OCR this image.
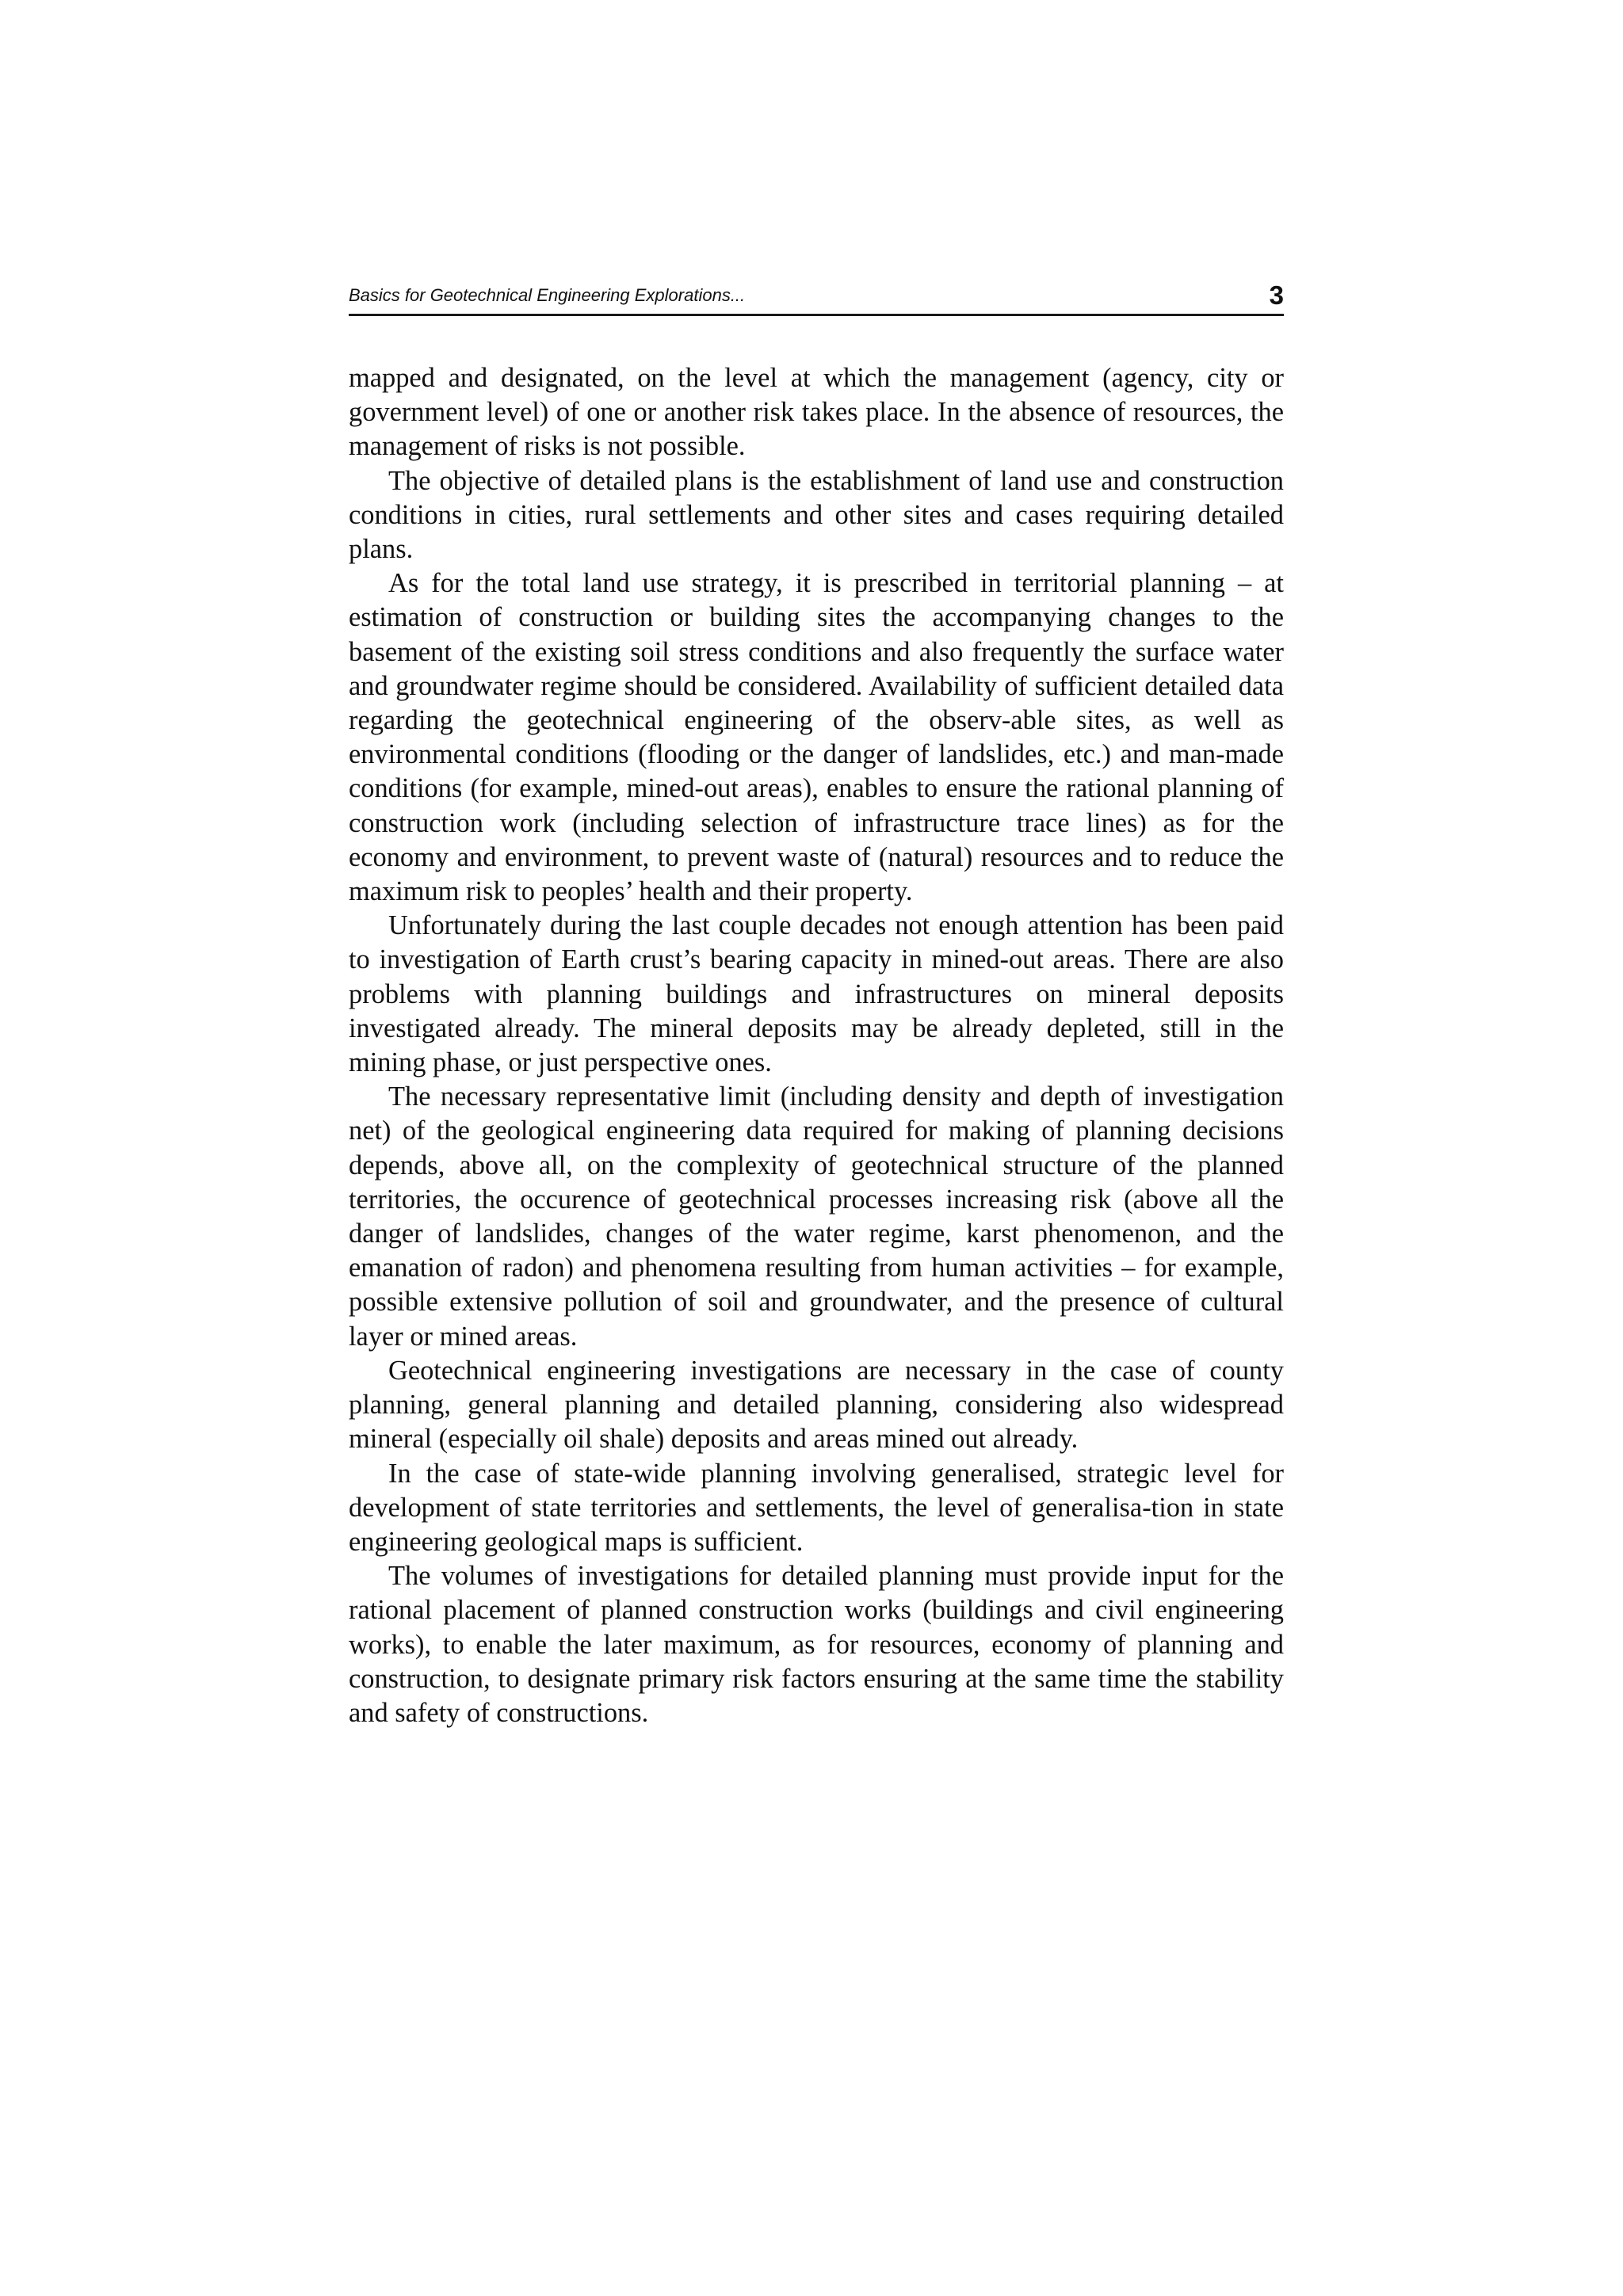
Basics for Geotechnical Engineering Explorations...	3

mapped and designated, on the level at which the management (agency, city or government level) of one or another risk takes place. In the absence of resources, the management of risks is not possible.

The objective of detailed plans is the establishment of land use and construction conditions in cities, rural settlements and other sites and cases requiring detailed plans.

As for the total land use strategy, it is prescribed in territorial planning – at estimation of construction or building sites the accompanying changes to the basement of the existing soil stress conditions and also frequently the surface water and groundwater regime should be considered. Availability of sufficient detailed data regarding the geotechnical engineering of the observ-able sites, as well as environmental conditions (flooding or the danger of landslides, etc.) and man-made conditions (for example, mined-out areas), enables to ensure the rational planning of construction work (including selection of infrastructure trace lines) as for the economy and environment, to prevent waste of (natural) resources and to reduce the maximum risk to peoples’ health and their property.

Unfortunately during the last couple decades not enough attention has been paid to investigation of Earth crust’s bearing capacity in mined-out areas. There are also problems with planning buildings and infrastructures on mineral deposits investigated already. The mineral deposits may be already depleted, still in the mining phase, or just perspective ones.

The necessary representative limit (including density and depth of investigation net) of the geological engineering data required for making of planning decisions depends, above all, on the complexity of geotechnical structure of the planned territories, the occurence of geotechnical processes increasing risk (above all the danger of landslides, changes of the water regime, karst phenomenon, and the emanation of radon) and phenomena resulting from human activities – for example, possible extensive pollution of soil and groundwater, and the presence of cultural layer or mined areas.

Geotechnical engineering investigations are necessary in the case of county planning, general planning and detailed planning, considering also widespread mineral (especially oil shale) deposits and areas mined out already.

In the case of state-wide planning involving generalised, strategic level for development of state territories and settlements, the level of generalisa-tion in state engineering geological maps is sufficient.

The volumes of investigations for detailed planning must provide input for the rational placement of planned construction works (buildings and civil engineering works), to enable the later maximum, as for resources, economy of planning and construction, to designate primary risk factors ensuring at the same time the stability and safety of constructions.
